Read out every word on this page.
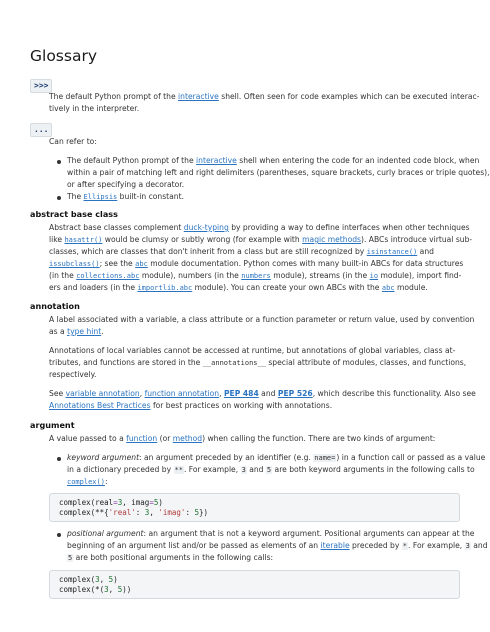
Glossary
>>>
The default Python prompt of the interactive shell. Often seen for code examples which can be executed interac-
tively in the interpreter.
...
Can refer to:
The default Python prompt of the interactive shell when entering the code for an indented code block, when
within a pair of matching left and right delimiters (parentheses, square brackets, curly braces or triple quotes),
or after specifying a decorator.
The Ellipsis built-in constant.
abstract base class
Abstract base classes complement duck-typing by providing a way to define interfaces when other techniques
like hasattr() would be clumsy or subtly wrong (for example with magic methods). ABCs introduce virtual sub-
classes, which are classes that don't inherit from a class but are still recognized by isinstance() and
issubclass(); see the abc module documentation. Python comes with many built-in ABCs for data structures
(in the collections.abc module), numbers (in the numbers module), streams (in the io module), import find-
ers and loaders (in the importlib.abc module). You can create your own ABCs with the abc module.
annotation
A label associated with a variable, a class attribute or a function parameter or return value, used by convention
as a type hint.
Annotations of local variables cannot be accessed at runtime, but annotations of global variables, class at-
tributes, and functions are stored in the __annotations__ special attribute of modules, classes, and functions,
respectively.
See variable annotation, function annotation, PEP 484 and PEP 526, which describe this functionality. Also see
Annotations Best Practices for best practices on working with annotations.
argument
A value passed to a function (or method) when calling the function. There are two kinds of argument:
keyword argument: an argument preceded by an identifier (e.g. name=) in a function call or passed as a value
in a dictionary preceded by **. For example, 3 and 5 are both keyword arguments in the following calls to
complex():
complex(real=3, imag=5)
complex(**{'real': 3, 'imag': 5})
positional argument: an argument that is not a keyword argument. Positional arguments can appear at the
beginning of an argument list and/or be passed as elements of an iterable preceded by *. For example, 3 and
5 are both positional arguments in the following calls:
complex(3, 5)
complex(*(3, 5))
